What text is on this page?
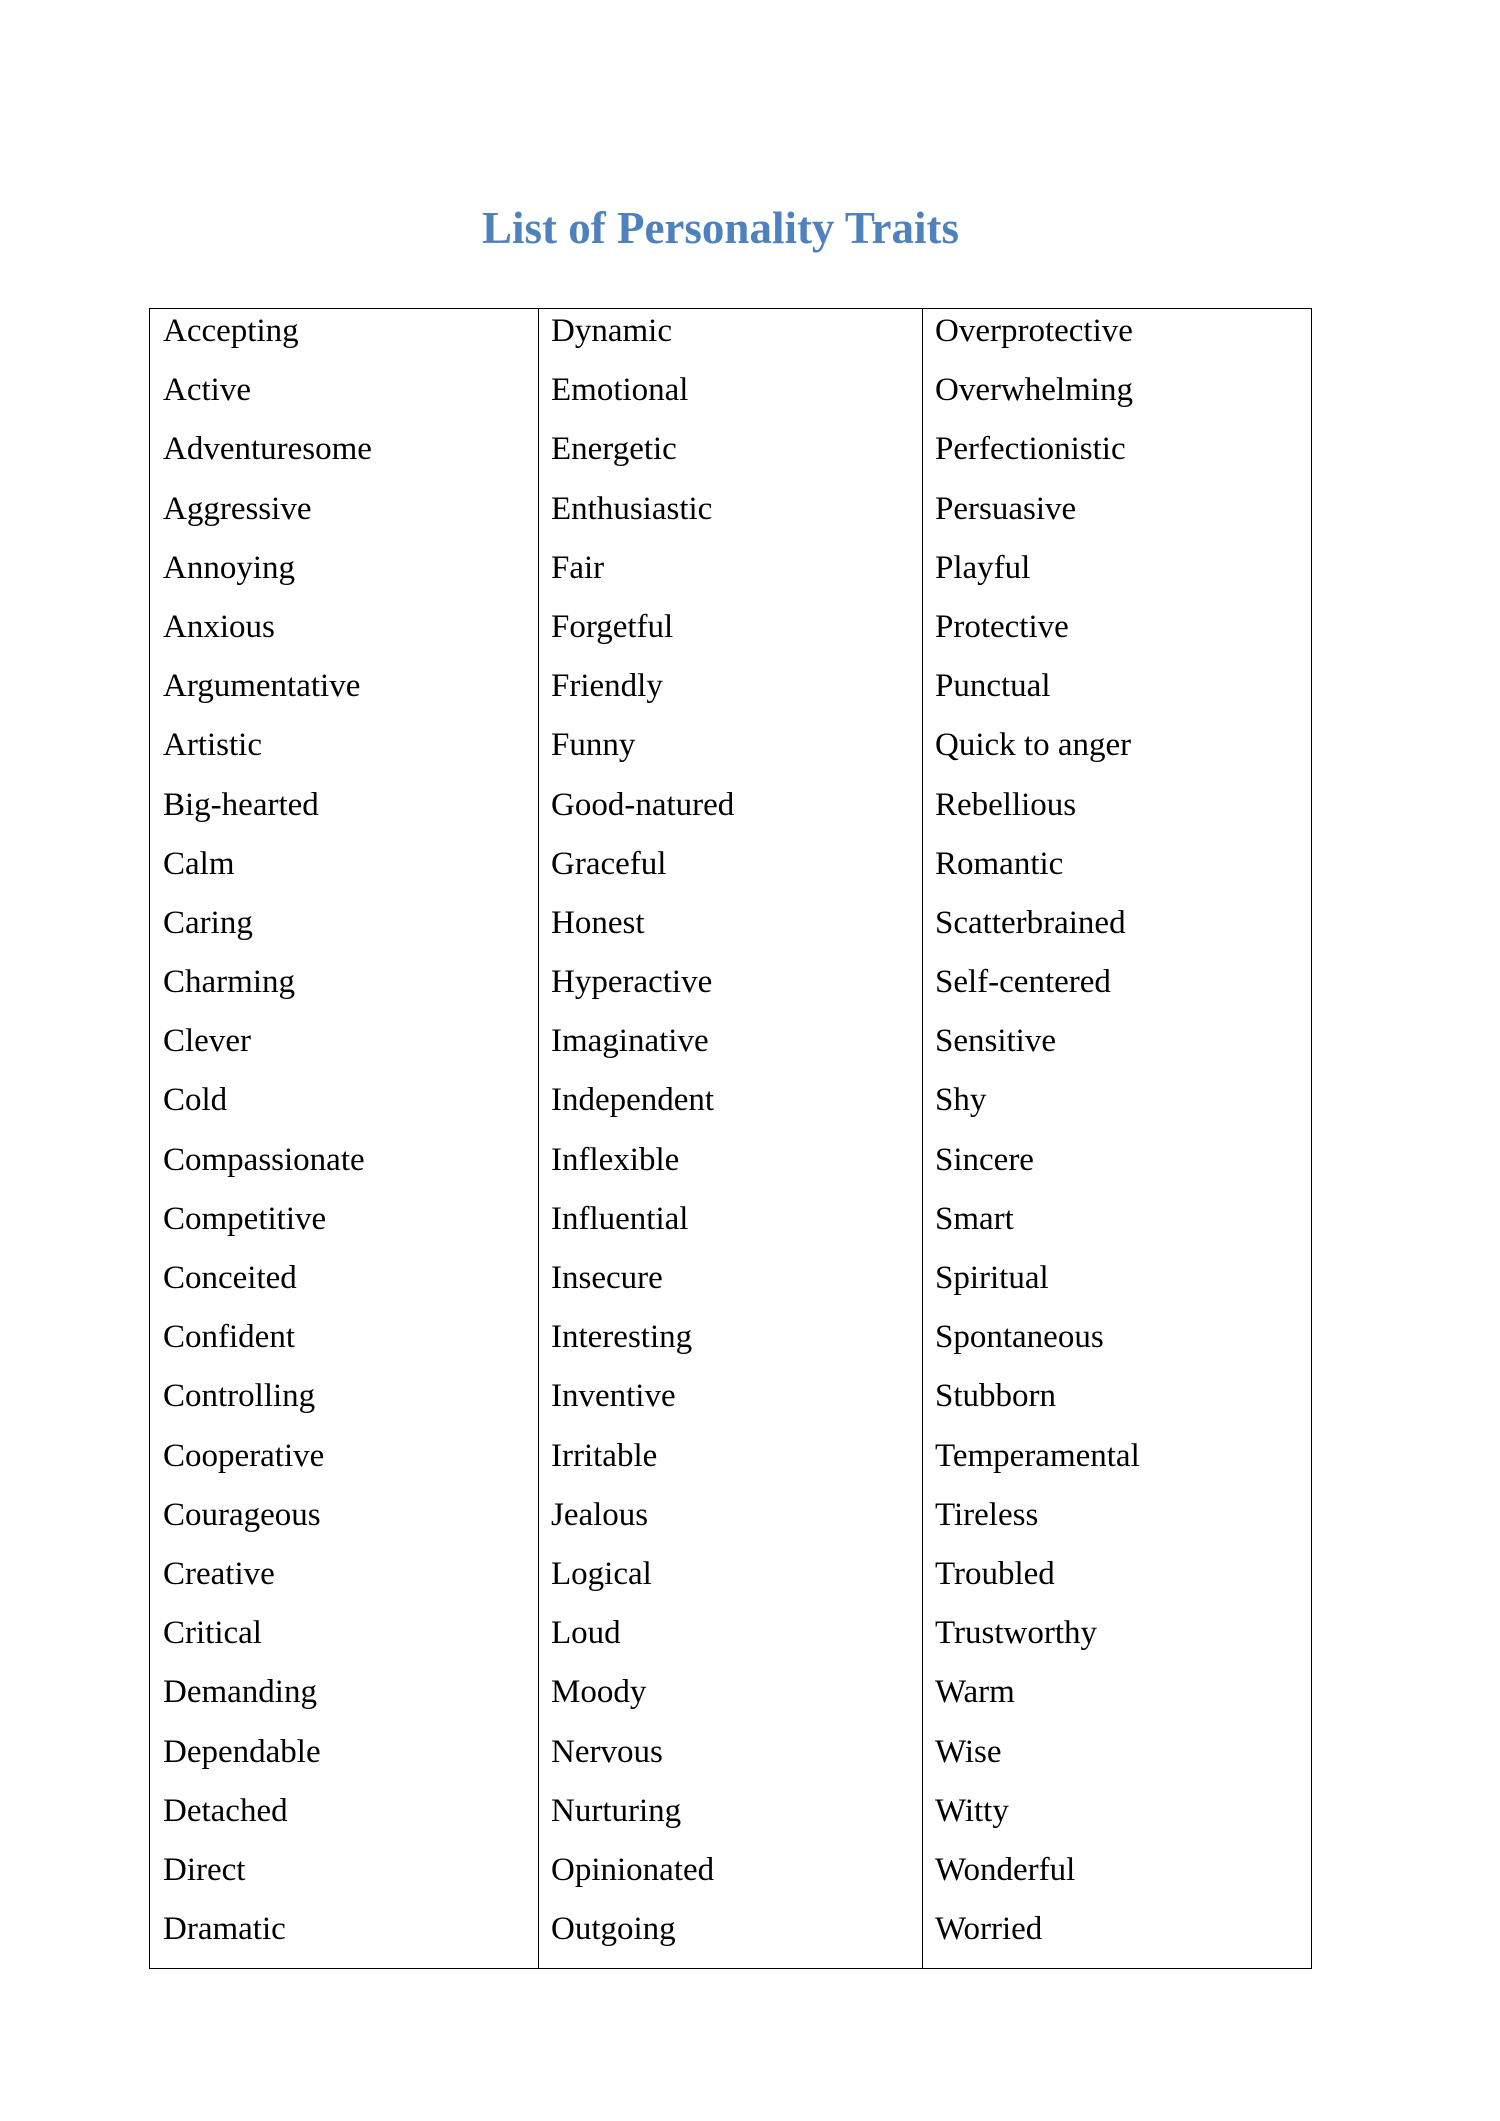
List of Personality Traits
Accepting
Active
Adventuresome
Aggressive
Annoying
Anxious
Argumentative
Artistic
Big-hearted
Calm
Caring
Charming
Clever
Cold
Compassionate
Competitive
Conceited
Confident
Controlling
Cooperative
Courageous
Creative
Critical
Demanding
Dependable
Detached
Direct
Dramatic
Dynamic
Emotional
Energetic
Enthusiastic
Fair
Forgetful
Friendly
Funny
Good-natured
Graceful
Honest
Hyperactive
Imaginative
Independent
Inflexible
Influential
Insecure
Interesting
Inventive
Irritable
Jealous
Logical
Loud
Moody
Nervous
Nurturing
Opinionated
Outgoing
Overprotective
Overwhelming
Perfectionistic
Persuasive
Playful
Protective
Punctual
Quick to anger
Rebellious
Romantic
Scatterbrained
Self-centered
Sensitive
Shy
Sincere
Smart
Spiritual
Spontaneous
Stubborn
Temperamental
Tireless
Troubled
Trustworthy
Warm
Wise
Witty
Wonderful
Worried
